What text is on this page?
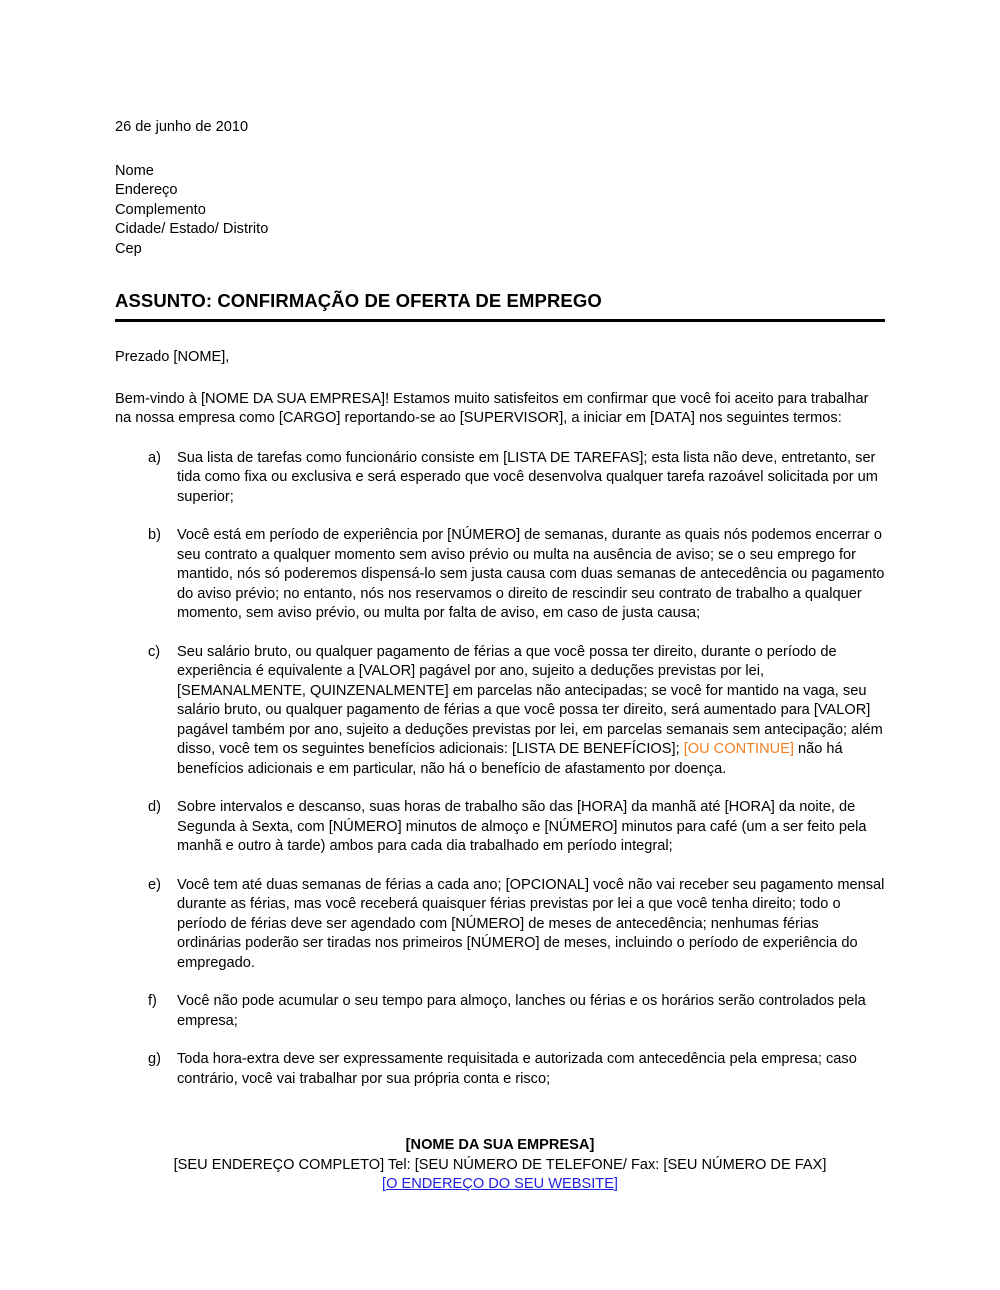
26 de junho de 2010

Nome

Endereço

Complemento

Cidade/ Estado/ Distrito

Cep

ASSUNTO: CONFIRMAÇÃO DE OFERTA DE EMPREGO

Prezado [NOME],

Bem-vindo à [NOME DA SUA EMPRESA]! Estamos muito satisfeitos em confirmar que você foi aceito para trabalhar na nossa empresa como [CARGO] reportando-se ao [SUPERVISOR], a iniciar em [DATA] nos seguintes termos:

a)	Sua lista de tarefas como funcionário consiste em [LISTA DE TAREFAS]; esta lista não deve, entretanto, ser tida como fixa ou exclusiva e será esperado que você desenvolva qualquer tarefa razoável solicitada por um superior;
b)	Você está em período de experiência por [NÚMERO] de semanas, durante as quais nós podemos encerrar o seu contrato a qualquer momento sem aviso prévio ou multa na ausência de aviso; se o seu emprego for mantido, nós só poderemos dispensá-lo sem justa causa com duas semanas de antecedência ou pagamento do aviso prévio; no entanto, nós nos reservamos o direito de rescindir seu contrato de trabalho a qualquer momento, sem aviso prévio, ou multa por falta de aviso, em caso de justa causa;
c)	Seu salário bruto, ou qualquer pagamento de férias a que você possa ter direito, durante o período de experiência é equivalente a [VALOR] pagável por ano, sujeito a deduções previstas por lei, [SEMANALMENTE, QUINZENALMENTE] em parcelas não antecipadas; se você for mantido na vaga, seu salário bruto, ou qualquer pagamento de férias a que você possa ter direito, será aumentado para [VALOR] pagável também por ano, sujeito a deduções previstas por lei, em parcelas semanais sem antecipação; além disso, você tem os seguintes benefícios adicionais: [LISTA DE BENEFÍCIOS]; [OU CONTINUE] não há benefícios adicionais e em particular, não há o benefício de afastamento por doença.
d)	Sobre intervalos e descanso, suas horas de trabalho são das [HORA] da manhã até [HORA] da noite, de Segunda à Sexta, com [NÚMERO] minutos de almoço e [NÚMERO] minutos para café (um a ser feito pela manhã e outro à tarde) ambos para cada dia trabalhado em período integral;
e)	Você tem até duas semanas de férias a cada ano; [OPCIONAL] você não vai receber seu pagamento mensal durante as férias, mas você receberá quaisquer férias previstas por lei a que você tenha direito; todo o período de férias deve ser agendado com [NÚMERO] de meses de antecedência; nenhumas férias ordinárias poderão ser tiradas nos primeiros [NÚMERO] de meses, incluindo o período de experiência do empregado.
f)	Você não pode acumular o seu tempo para almoço, lanches ou férias e os horários serão controlados pela empresa;
g)	Toda hora-extra deve ser expressamente requisitada e autorizada com antecedência pela empresa; caso contrário, você vai trabalhar por sua própria conta e risco;

[NOME DA SUA EMPRESA]

[SEU ENDEREÇO COMPLETO] Tel: [SEU NÚMERO DE TELEFONE/ Fax: [SEU NÚMERO DE FAX]

[O ENDEREÇO DO SEU WEBSITE]
